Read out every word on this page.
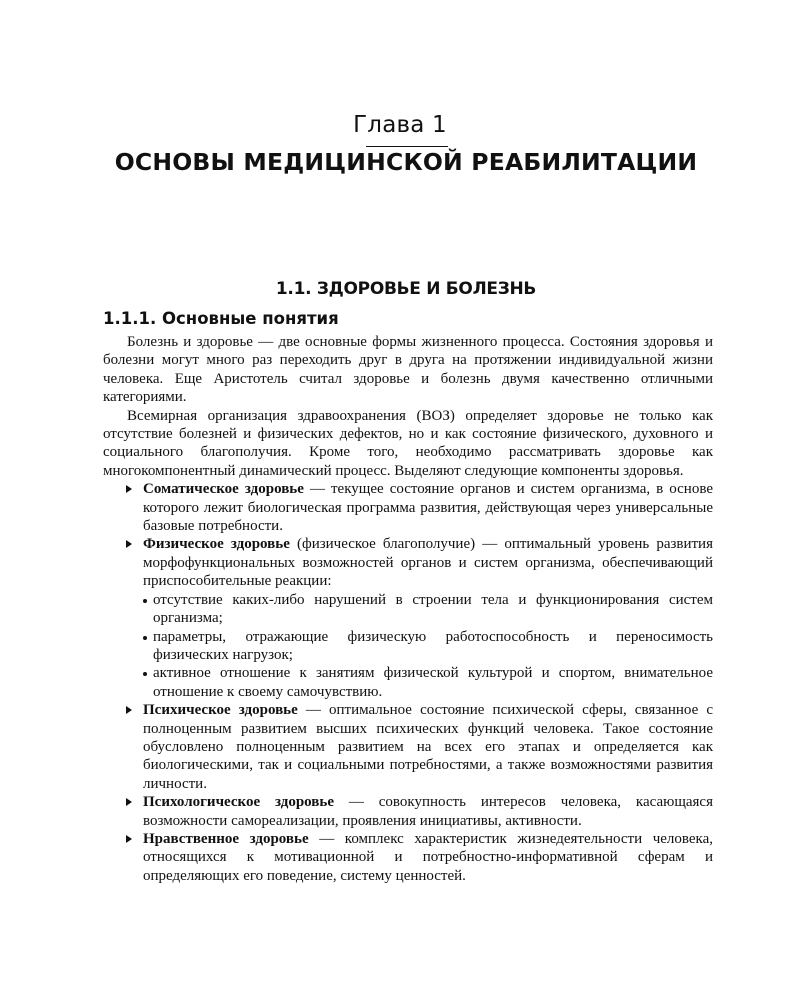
Глава 1
ОСНОВЫ МЕДИЦИНСКОЙ РЕАБИЛИТАЦИИ
1.1. ЗДОРОВЬЕ И БОЛЕЗНЬ
1.1.1. Основные понятия

Болезнь и здоровье — две основные формы жизненного процесса. Состояния здоровья и болезни могут много раз переходить друг в друга на протяжении индивидуальной жизни человека. Еще Аристотель считал здоровье и болезнь двумя качественно отличными категориями.

Всемирная организация здравоохранения (ВОЗ) определяет здоровье не только как отсутствие болезней и физических дефектов, но и как состояние физического, духовного и социального благополучия. Кроме того, необходимо рассматривать здоровье как многокомпонентный динамический процесс. Выделяют следующие компоненты здоровья.

Соматическое здоровье — текущее состояние органов и систем организма, в основе которого лежит биологическая программа развития, действующая через универсальные базовые потребности.
Физическое здоровье (физическое благополучие) — оптимальный уровень развития морфофункциональных возможностей органов и систем организма, обеспечивающий приспособительные реакции:
отсутствие каких-либо нарушений в строении тела и функционирования систем организма;
параметры, отражающие физическую работоспособность и переносимость физических нагрузок;
активное отношение к занятиям физической культурой и спортом, внимательное отношение к своему самочувствию.
Психическое здоровье — оптимальное состояние психической сферы, связанное с полноценным развитием высших психических функций человека. Такое состояние обусловлено полноценным развитием на всех его этапах и определяется как биологическими, так и социальными потребностями, а также возможностями развития личности.
Психологическое здоровье — совокупность интересов человека, касающаяся возможности самореализации, проявления инициативы, активности.
Нравственное здоровье — комплекс характеристик жизнедеятельности человека, относящихся к мотивационной и потребностно-информативной сферам и определяющих его поведение, систему ценностей.
